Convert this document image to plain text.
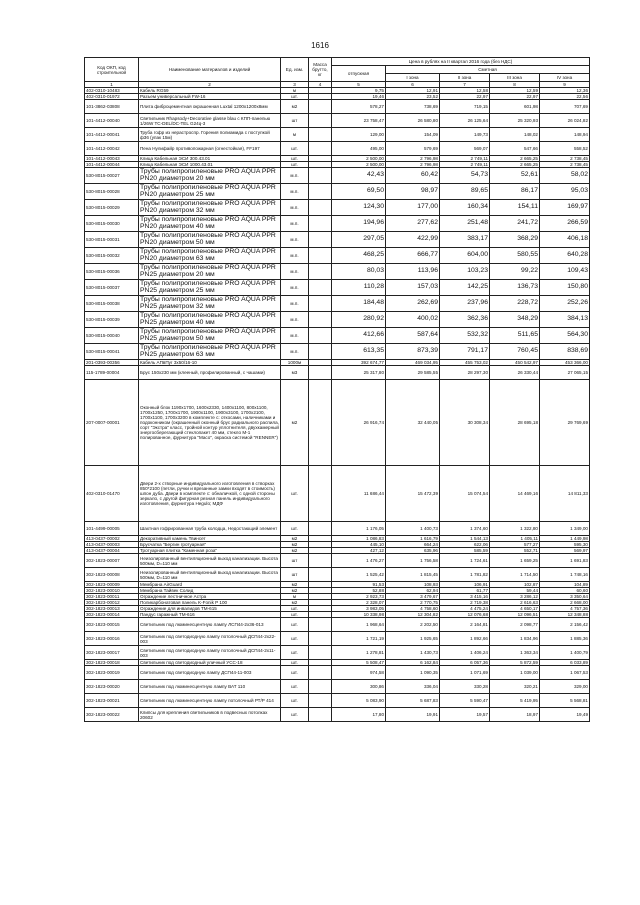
1616
Код ОКП, код строительной	Наименование материалов и изделий	Ед. изм.	Масса брутто, кг	Цена в рублях на II квартал 2016 года (без НДС)				
				отпускная	Сметная			
					I зона	II зона	III зона	IV зона
1	2	3	4	5	6	7	8	9
402-0310-10483	Кабель RG59	м		9,75	12,91	12,58	12,59	12,36
402-0310-01972	Разъем универсальный FW-16	шт.		19,46	23,52	22,97	22,97	22,56
101-3862-03808	Плита фиброцементная окрашенная Luxtal 1200х1200х8мм	м2		578,27	738,69	719,15	601,98	707,69
101-4412-00040	Светильник Rhapsody+Decorative glasse blau с КПП-панелью 1/26W TC-DEL/DC-TEL G24q-3	шт		23 758,47	26 580,80	26 125,64	25 320,93	26 024,82
101-4412-00041	Труба гофр из нерастроспр. Горения полиамида с поступкой ф36 (упак 15м)	м		129,00	154,09	149,73	148,02	148,94
101-4412-00042	Пена Нулифайр противопожарная (огнестойкая), FF197	шт.		495,00	579,69	569,07	547,66	558,52
101-4412-00043	Клица Кабельная ЭСИ 300.43.01	шт.		2 500,00	2 796,98	2 749,11	2 665,25	2 738,45
101-4412-00044	Клица Кабельная ЭСИ 1000.43.01	шт.		2 500,00	2 796,98	2 749,11	2 665,25	2 738,45
530-8015-00027	Трубы полипропиленовые PRO AQUA PPR PN20 диаметром 20 мм	м.п.		42,43	60,42	54,73	52,61	58,02
530-8015-00028	Трубы полипропиленовые PRO AQUA PPR PN20 диаметром 25 мм	м.п.		69,50	98,97	89,65	86,17	95,03
530-8015-00029	Трубы полипропиленовые PRO AQUA PPR PN20 диаметром 32 мм	м.п.		124,30	177,00	160,34	154,11	169,97
530-8015-00030	Трубы полипропиленовые PRO AQUA PPR PN20 диаметром 40 мм	м.п.		194,96	277,62	251,48	241,72	266,59
530-8015-00031	Трубы полипропиленовые PRO AQUA PPR PN20 диаметром 50 мм	м.п.		297,05	422,99	383,17	368,29	406,18
530-8015-00032	Трубы полипропиленовые PRO AQUA PPR PN20 диаметром 63 мм	м.п.		468,25	666,77	604,00	580,55	640,28
530-8015-00036	Трубы полипропиленовые PRO AQUA PPR PN25 диаметром 20 мм	м.п.		80,03	113,96	103,23	99,22	109,43
530-8015-00037	Трубы полипропиленовые PRO AQUA PPR PN25 диаметром 25 мм	м.п.		110,28	157,03	142,25	136,73	150,80
530-8015-00038	Трубы полипропиленовые PRO AQUA PPR PN25 диаметром 32 мм	м.п.		184,48	262,69	237,96	228,72	252,26
530-8015-00039	Трубы полипропиленовые PRO AQUA PPR PN25 диаметром 40 мм	м.п.		280,92	400,02	362,36	348,29	384,13
530-8015-00040	Трубы полипропиленовые PRO AQUA PPR PN25 диаметром 50 мм	м.п.		412,66	587,64	532,32	511,65	564,30
530-8015-00041	Трубы полипропиленовые PRO AQUA PPR PN25 диаметром 63 мм	м.п.		613,35	873,39	791,17	760,45	838,69
201-0393-00356	Кабель АПвПуг 3х50/16-10	1000м		392 674,77	469 034,95	455 753,02	450 542,97	453 366,00
115-1789-00004	Брус 150х230 мм (клееный, профилированный, с чашами)	м3		25 317,80	29 585,55	28 297,30	26 330,44	27 065,15
207-0007-00001	Оконный блок 1190х1700, 1600х2330, 1400х1100, 800х1100, 1700х1250, 1700х1700, 1900х1100, 1900х3100, 1700х2100, 1700х1100, 1700х3200 в комплекте с: откосами, наличниками и подоконником (окрашенный оконный брус радиального распила, сорт "Экстра" класс, тройной контур уплотнителя, двухкамерный энергосберегающий стеклопакет 40 мм, стекло М-1 полированное, фурнитура "Maco", окраска системой "RENNER")	м2		26 916,74	32 440,05	30 308,34	28 695,18	29 769,69
402-0310-01470	Двери 2-х створные индивидуального изготовления в створках 850*2100 (петли, ручки и врезанные замки входят в стоимость) шпон дуба. Двери в комплекте с: обналичкой, с одной стороны зеркало, с другой фигурная резная панель индивидуального изготовления, фурнитура Hegulo; МДФ	шт.		11 686,44	15 472,39	15 074,54	14 469,16	14 811,33
101-4499-00005	Шахтная гофрированная труба колодца, Недостающий элемент	шт.		1 176,05	1 400,73	1 374,60	1 322,80	1 349,00
413-0437-00002	Декоративный камень Твинсет	м2		1 086,83	1 616,79	1 544,13	1 405,11	1 449,98
413-0437-00003	Брусчатка "Бергин гротуарная"	м2		445,10	664,24	622,06	577,27	595,30
413-0437-00004	Тротуарная плитка "Каменная роза"	м2		427,12	635,96	585,59	552,71	569,97
302-1823-00007	Неизолированный вентиляционный выход канализации. Высота 500мм, D=110 мм	шт		1 476,27	1 756,58	1 724,61	1 659,25	1 691,83
302-1823-00008	Неизолированный вентиляционный выход канализации. Высота 500мм, D=110 мм	шт		1 525,42	1 815,45	1 781,82	1 714,50	1 748,16
302-1823-00009	Мембрана AirGuard	м2		91,53	108,93	106,91	102,87	104,89
302-1823-00010	Мембрана Тайвек Солид	м2		52,88	62,94	61,77	59,44	60,60
302-1823-00011	Ограждение лестничное Астра	м		2 923,73	3 479,67	3 415,16	3 286,12	3 350,64
302-1823-00012	Поликарбонатовая панель K-Fonik P 100	м2		2 328,07	2 770,75	2 719,38	2 616,63	2 668,00
302-1823-00013	Ограждение для инвалидов ТМ-615	шт.		3 983,05	4 758,60	4 475,24	4 650,17	4 757,36
302-1823-00014	Пандус гаражный ТМ-616	шт.		10 338,98	12 304,82	12 076,68	12 096,51	12 348,88
302-1823-00015	Светильник под люминесцентную лампу ЛСП44-2х36-013	шт.		1 968,64	2 202,50	2 164,81	2 098,77	2 156,42
302-1823-00016	Светильник под светодиодную лампу потолочный ДСП44-2х22-003	шт.		1 721,19	1 925,65	1 892,66	1 834,96	1 885,36
302-1823-00017	Светильник под светодиодную лампу потолочный ДСП44-2х11-003	шт.		1 278,81	1 430,73	1 406,24	1 363,34	1 400,79
302-1823-00018	Светильник под светодиодный уличный УСС-18	шт.		5 508,47	6 162,84	6 057,36	5 872,59	6 033,89
302-1823-00019	Светильник под светодиодную лампу ДСП44-11-003	шт.		974,58	1 090,35	1 071,69	1 039,00	1 067,53
302-1823-00020	Светильник под люминесцентную лампу ВАТ 110	шт.		300,86	336,04	330,28	320,21	329,00
302-1823-00021	Светильник под люминесцентную лампу потолочный РТ/Р 414	шт.		5 083,90	5 687,83	5 590,47	5 419,95	5 568,81
302-1823-00022	Клипсы для крепления светильников в подвесных потолках 20602	шт.		17,80	19,91	19,57	18,97	19,49
